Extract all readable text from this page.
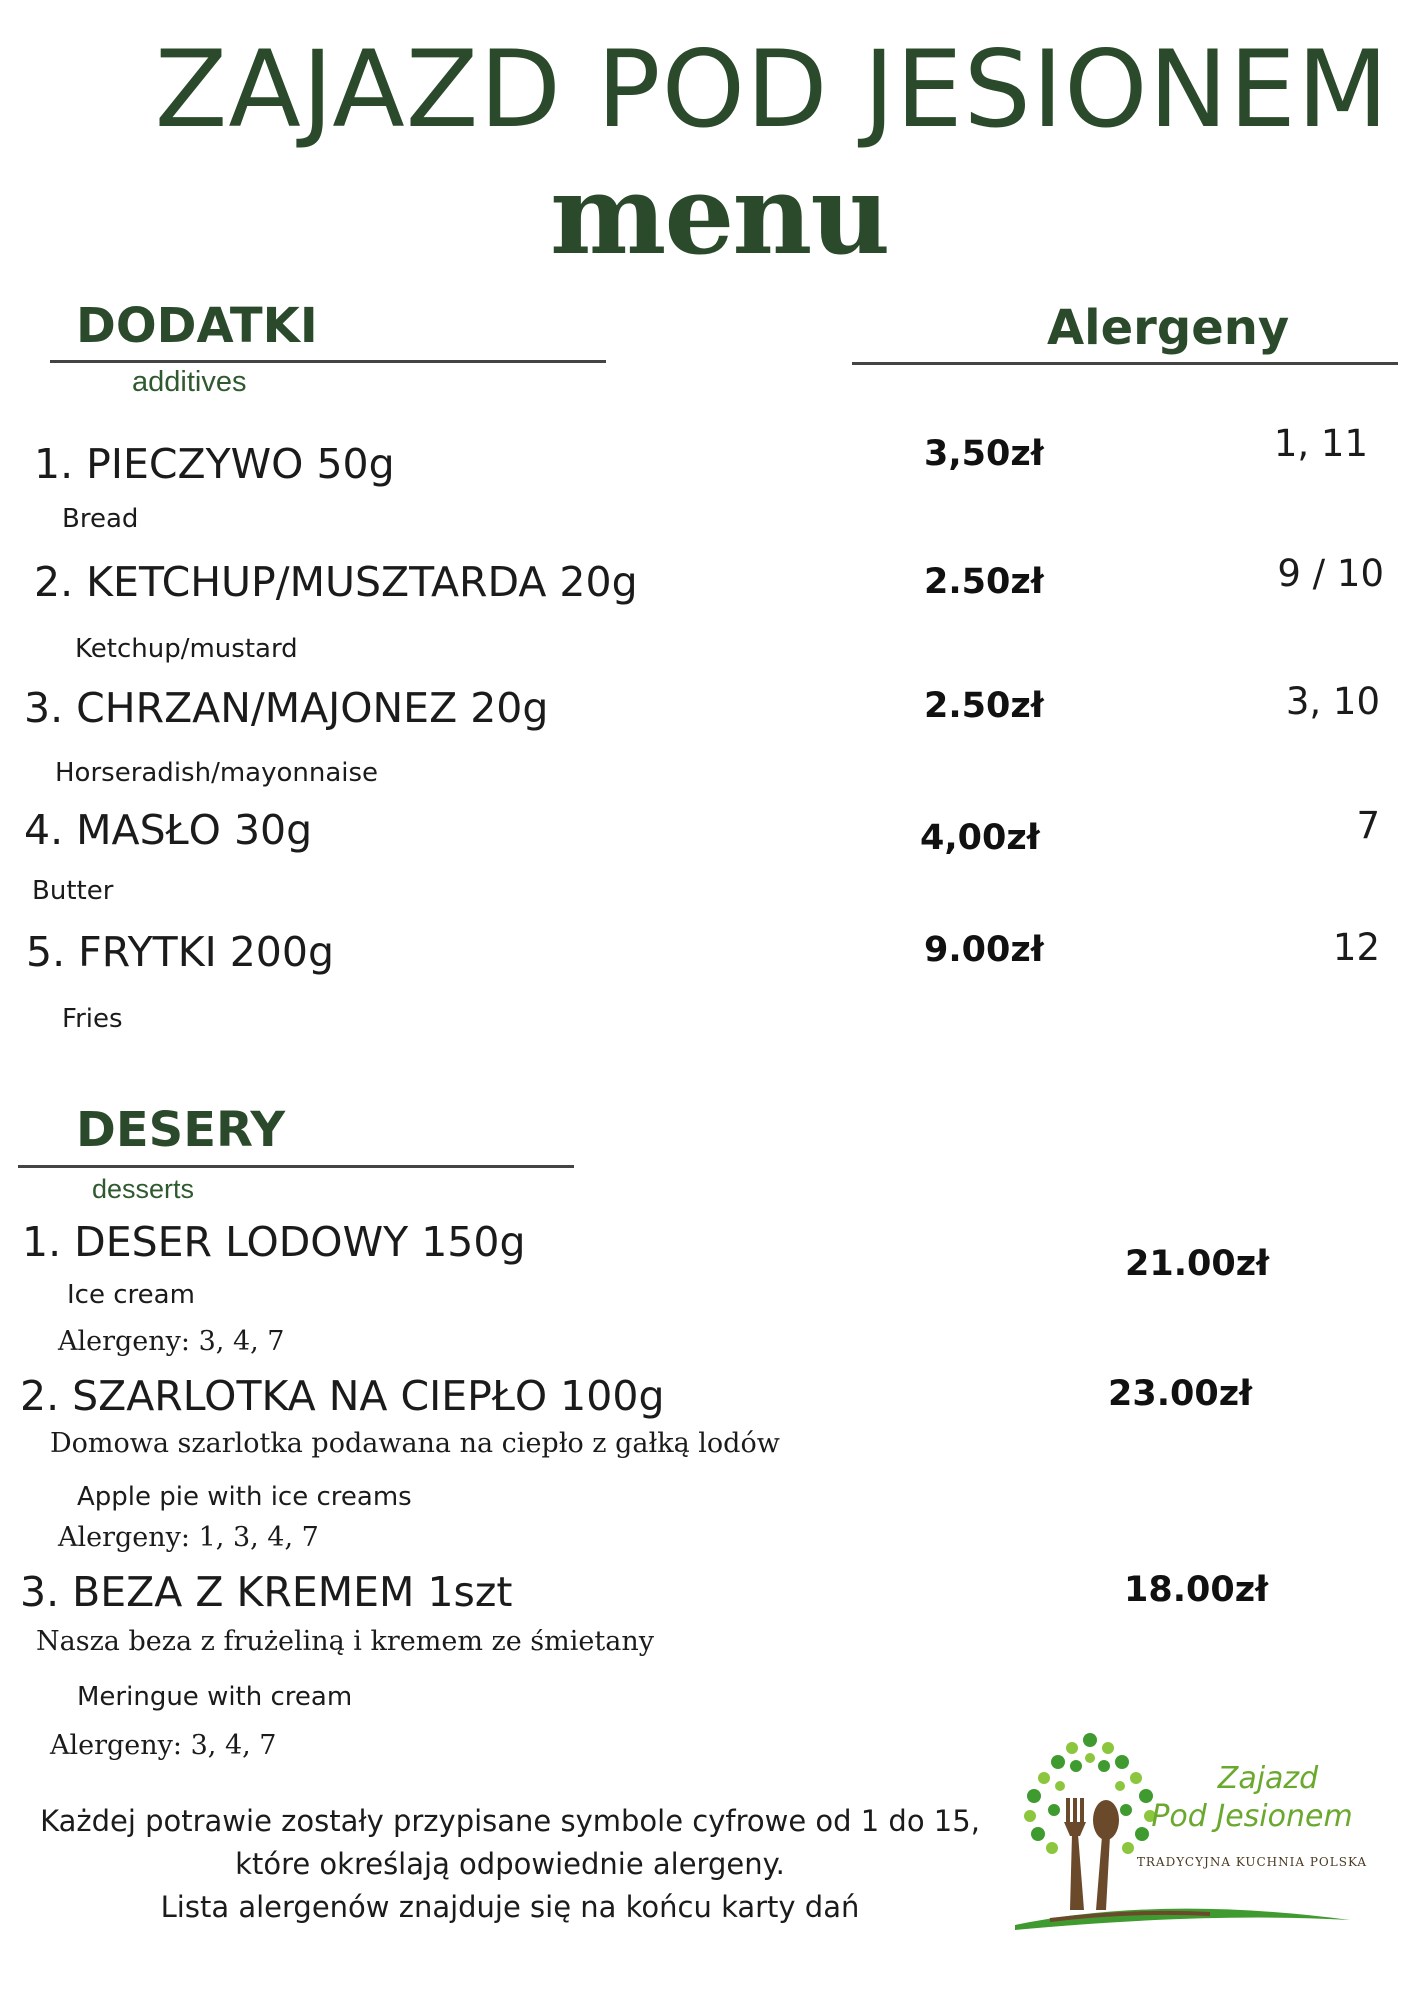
ZAJAZD POD JESIONEM
menu
DODATKI
additives
Alergeny
1. PIECZYWO 50g
Bread
3,50zł	1, 11
2. KETCHUP/MUSZTARDA 20g
Ketchup/mustard
2.50zł	9 / 10
3. CHRZAN/MAJONEZ 20g
Horseradish/mayonnaise
2.50zł	3, 10
4. MASŁO 30g
Butter
4,00zł	7
5. FRYTKI 200g
Fries
9.00zł	12
DESERY
desserts
1. DESER LODOWY 150g
Ice cream
Alergeny: 3, 4, 7
21.00zł
2. SZARLOTKA NA CIEPŁO 100g
Domowa szarlotka podawana na ciepło z gałką lodów
Apple pie with ice creams
Alergeny: 1, 3, 4, 7
23.00zł
3. BEZA Z KREMEM 1szt
Nasza beza z frużeliną i kremem ze śmietany
Meringue with cream
Alergeny: 3, 4, 7
18.00zł
Każdej potrawie zostały przypisane symbole cyfrowe od 1 do 15,
które określają odpowiednie alergeny.
Lista alergenów znajduje się na końcu karty dań
Zajazd
Pod Jesionem
TRADYCYJNA KUCHNIA POLSKA
